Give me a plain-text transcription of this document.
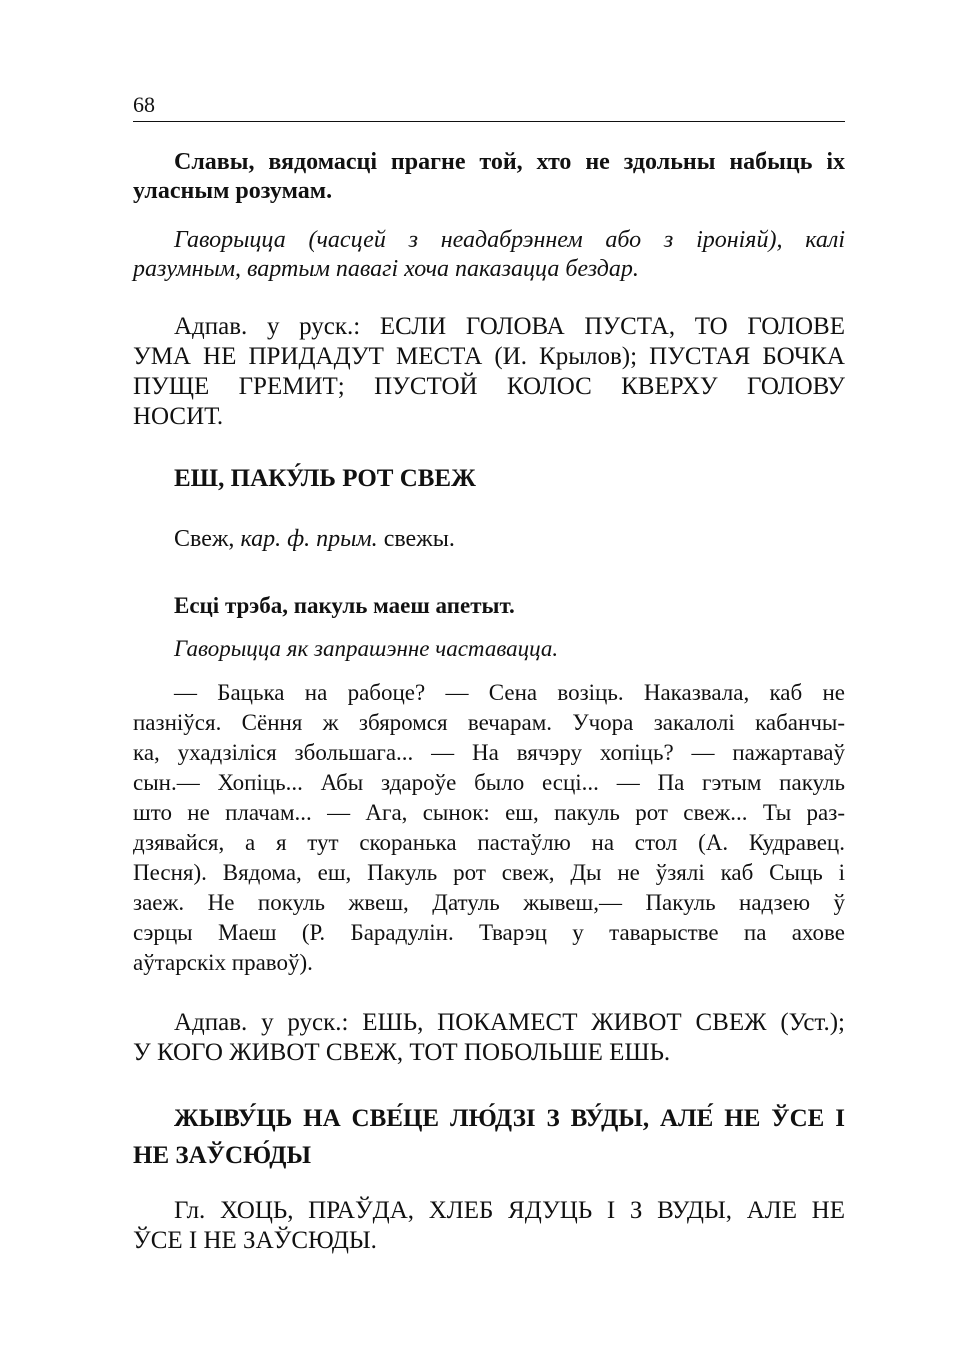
68
Славы, вядомасці прагне той, хто не здольны набыць іх
уласным розумам.
Гаворыцца (часцей з неадабрэннем або з іроніяй), калі
разумным, вартым павагі хоча паказацца бездар.
Адпав. у руск.: ЕСЛИ ГОЛОВА ПУСТА, ТО ГОЛОВЕ
УМА НЕ ПРИДАДУТ МЕСТА (И. Крылов); ПУСТАЯ БОЧКА
ПУЩЕ ГРЕМИТ; ПУСТОЙ КОЛОС КВЕРХУ ГОЛОВУ
НОСИТ.
ЕШ, ПАКУ́ЛЬ РОТ СВЕЖ
Свеж, кар. ф. прым. свежы.
Есці трэба, пакуль маеш апетыт.
Гаворыцца як запрашэнне частавацца.
— Бацька на рабоце? — Сена возіць. Наказвала, каб не
пазніўся. Сёння ж збяромся вечарам. Учора закалолі кабанчы-
ка, ухадзіліся збольшага... — На вячэру хопіць? — пажартаваў
сын.— Хопіць... Абы здароўе было есці... — Па гэтым пакуль
што не плачам... — Ага, сынок: еш, пакуль рот свеж... Ты раз-
дзявайся, а я тут скоранька пастаўлю на стол (А. Кудравец.
Песня). Вядома, еш, Пакуль рот свеж, Ды не ўзялі каб Сыць і
заеж. Не покуль жвеш, Датуль жывеш,— Пакуль надзею ў
сэрцы Маеш (Р. Барадулін. Тварэц у таварыстве па ахове
аўтарскіх правоў).
Адпав. у руск.: ЕШЬ, ПОКАМЕСТ ЖИВОТ СВЕЖ (Уст.);
У КОГО ЖИВОТ СВЕЖ, ТОТ ПОБОЛЬШЕ ЕШЬ.
ЖЫВУ́ЦЬ НА СВЕ́ЦЕ ЛЮ́ДЗІ З ВУ́ДЫ, АЛЕ́ НЕ ЎСЕ І
НЕ ЗАЎСЮ́ДЫ
Гл. ХОЦЬ, ПРАЎДА, ХЛЕБ ЯДУЦЬ І З ВУДЫ, АЛЕ НЕ
ЎСЕ І НЕ ЗАЎСЮДЫ.
